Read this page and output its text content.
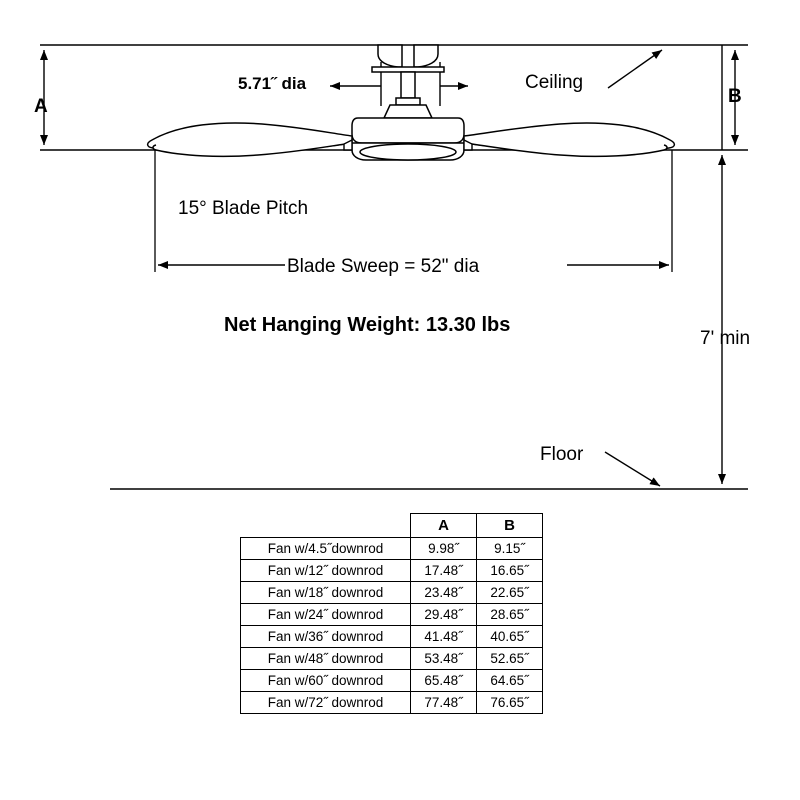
5.71˝ dia	Ceiling
A	B
15° Blade Pitch
Blade Sweep = 52" dia
Net Hanging Weight: 13.30 lbs
7' min
Floor
	A	B
Fan w/4.5˝downrod	9.98˝	9.15˝
Fan w/12˝ downrod	17.48˝	16.65˝
Fan w/18˝ downrod	23.48˝	22.65˝
Fan w/24˝ downrod	29.48˝	28.65˝
Fan w/36˝ downrod	41.48˝	40.65˝
Fan w/48˝ downrod	53.48˝	52.65˝
Fan w/60˝ downrod	65.48˝	64.65˝
Fan w/72˝ downrod	77.48˝	76.65˝
